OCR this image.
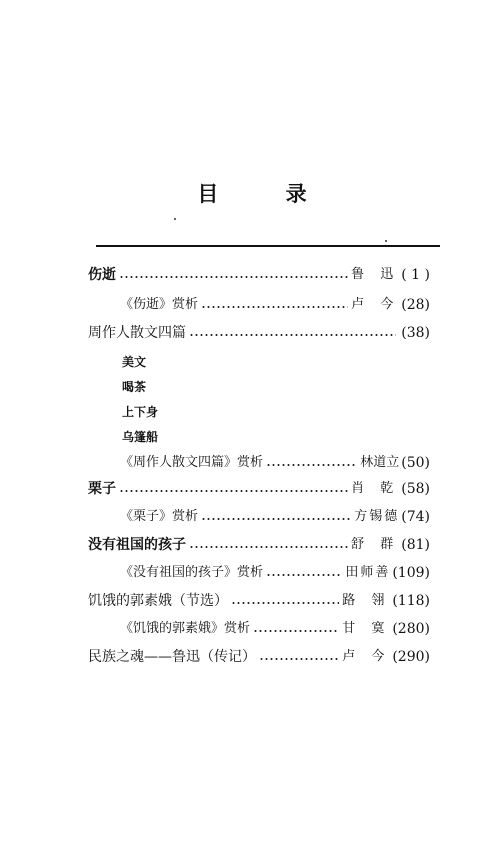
目 录
伤逝	鲁 迅 ( 1 )
《伤逝》赏析	卢 今 (28)
周作人散文四篇	(38)
美文
喝茶
上下身
乌篷船
《周作人散文四篇》赏析	林道立 (50)
栗子	肖 乾 (58)
《栗子》赏析	方锡德 (74)
没有祖国的孩子	舒 群 (81)
《没有祖国的孩子》赏析	田师善 (109)
饥饿的郭素娥（节选）	路 翎 (118)
《饥饿的郭素娥》赏析	甘 寞 (280)
民族之魂——鲁迅（传记）	卢 今 (290)
